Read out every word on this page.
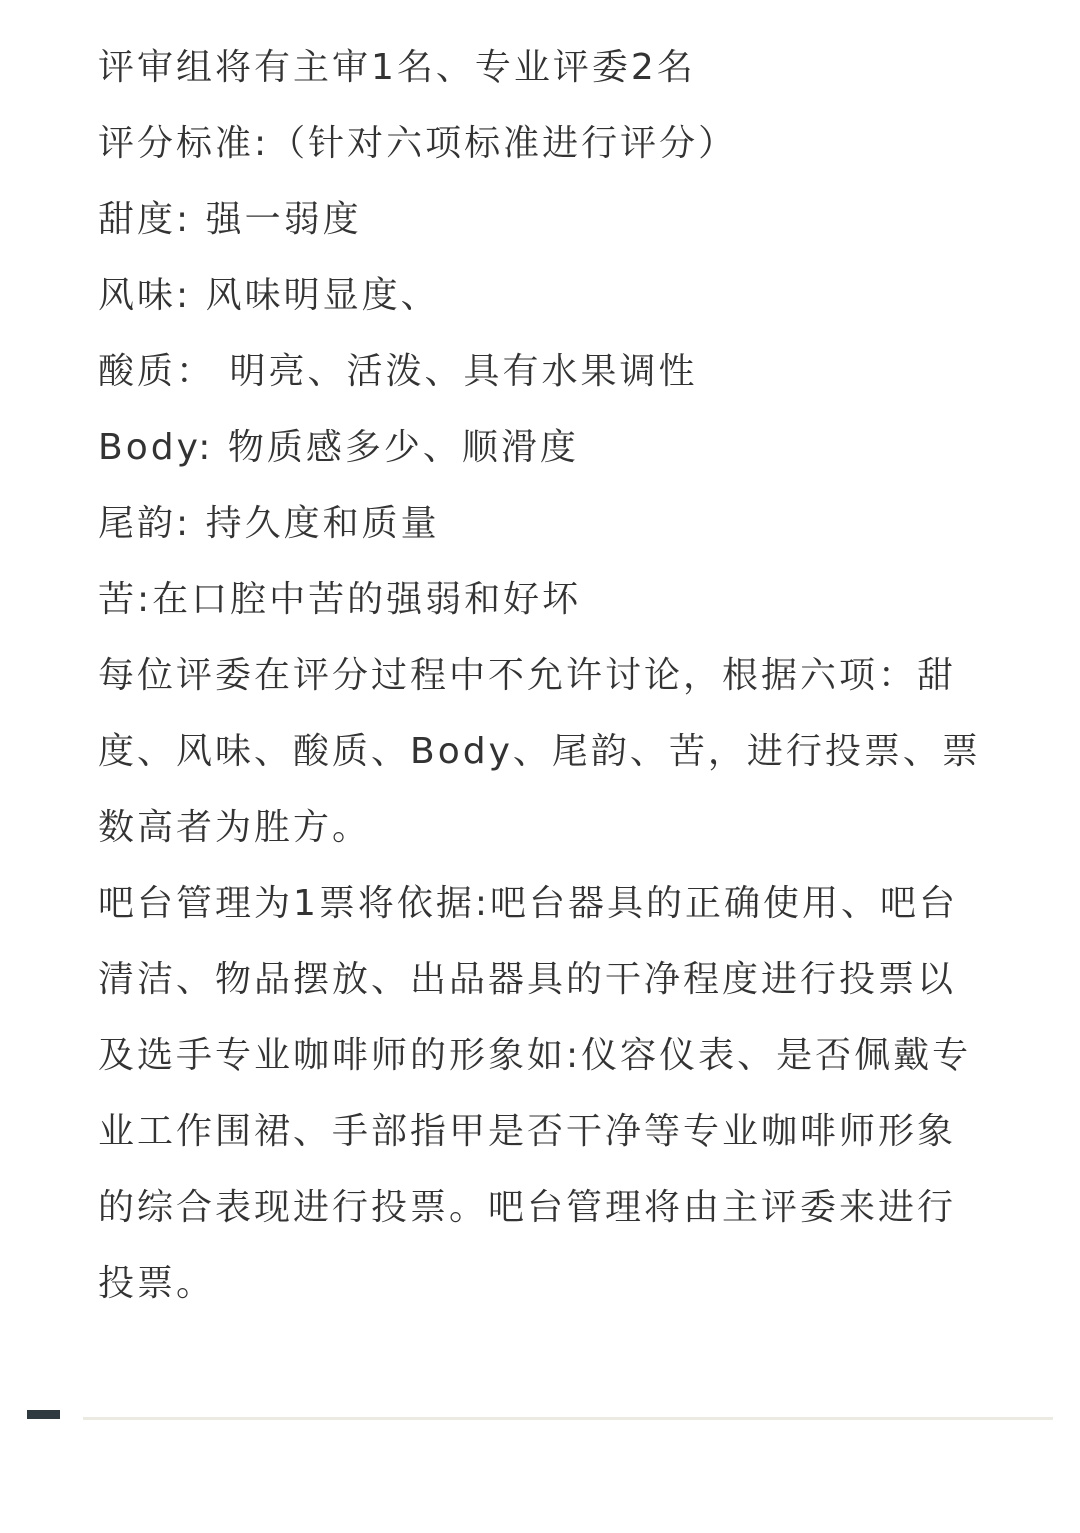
评审组将有主审1名、专业评委2名

评分标准:（针对六项标准进行评分）

甜度: 强一弱度

风味: 风味明显度、

酸质： 明亮、活泼、具有水果调性

Body: 物质感多少、顺滑度

尾韵: 持久度和质量

苦:在口腔中苦的强弱和好坏

每位评委在评分过程中不允许讨论，根据六项：甜度、风味、酸质、Body、尾韵、苦，进行投票、票数高者为胜方。

吧台管理为1票将依据:吧台器具的正确使用、吧台清洁、物品摆放、出品器具的干净程度进行投票以及选手专业咖啡师的形象如:仪容仪表、是否佩戴专业工作围裙、手部指甲是否干净等专业咖啡师形象的综合表现进行投票。吧台管理将由主评委来进行投票。
